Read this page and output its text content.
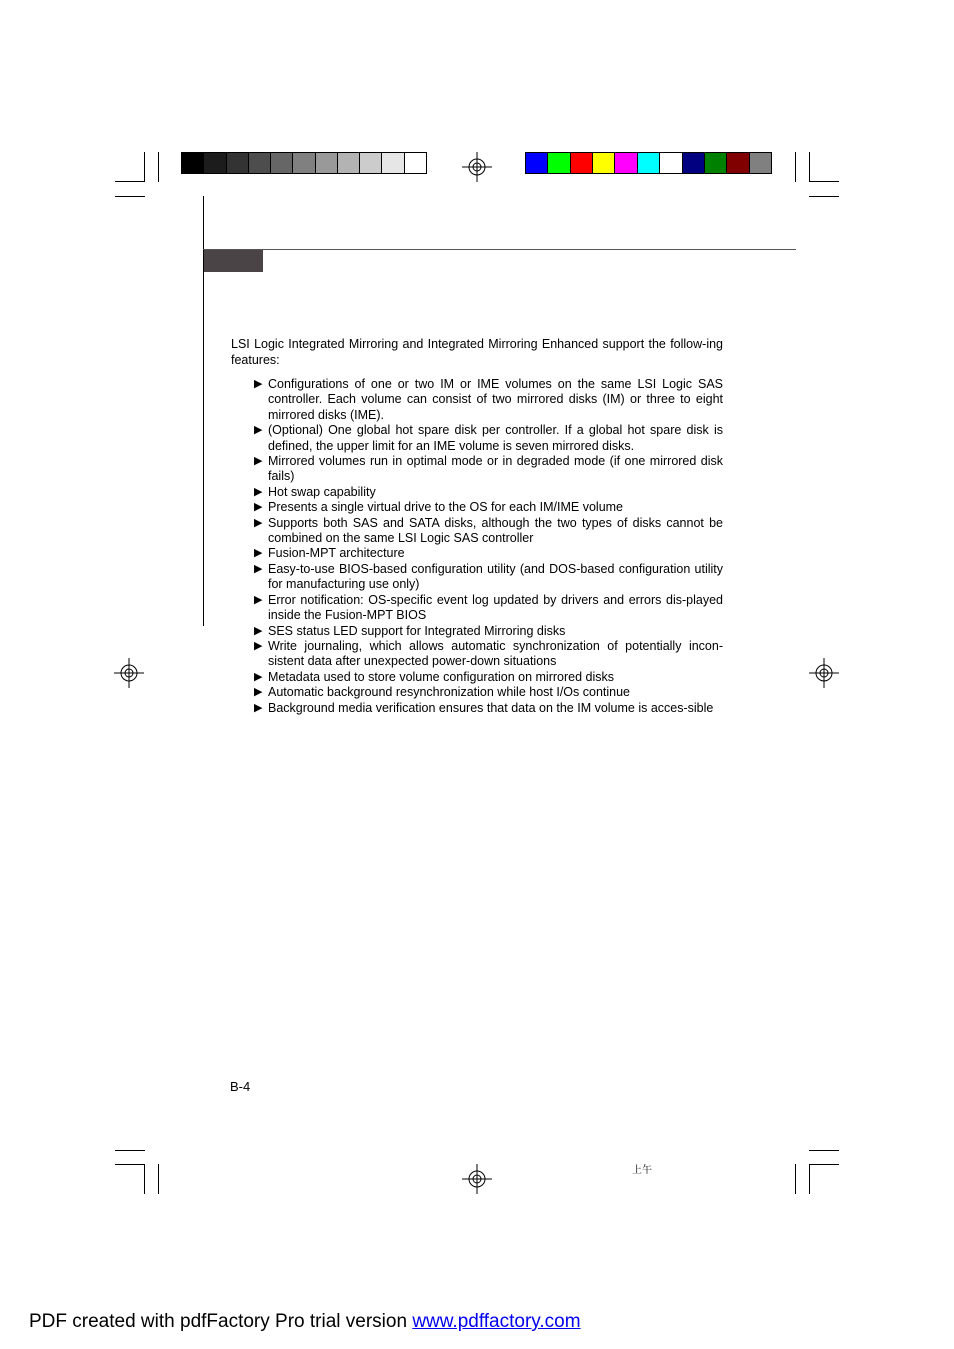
LSI Logic Integrated Mirroring and Integrated Mirroring Enhanced support the follow-ing features:
▶ Configurations of one or two IM or IME volumes on the same LSI Logic SAS controller. Each volume can consist of two mirrored disks (IM) or three to eight mirrored disks (IME).
▶ (Optional) One global hot spare disk per controller. If a global hot spare disk is defined, the upper limit for an IME volume is seven mirrored disks.
▶ Mirrored volumes run in optimal mode or in degraded mode (if one mirrored disk fails)
▶ Hot swap capability
▶ Presents a single virtual drive to the OS for each IM/IME volume
▶ Supports both SAS and SATA disks, although the two types of disks cannot be combined on the same LSI Logic SAS controller
▶ Fusion-MPT architecture
▶ Easy-to-use BIOS-based configuration utility (and DOS-based configuration utility for manufacturing use only)
▶ Error notification: OS-specific event log updated by drivers and errors dis-played inside the Fusion-MPT BIOS
▶ SES status LED support for Integrated Mirroring disks
▶ Write journaling, which allows automatic synchronization of potentially incon-sistent data after unexpected power-down situations
▶ Metadata used to store volume configuration on mirrored disks
▶ Automatic background resynchronization while host I/Os continue
▶ Background media verification ensures that data on the IM volume is acces-sible
B-4
上午
PDF created with pdfFactory Pro trial version www.pdffactory.com
